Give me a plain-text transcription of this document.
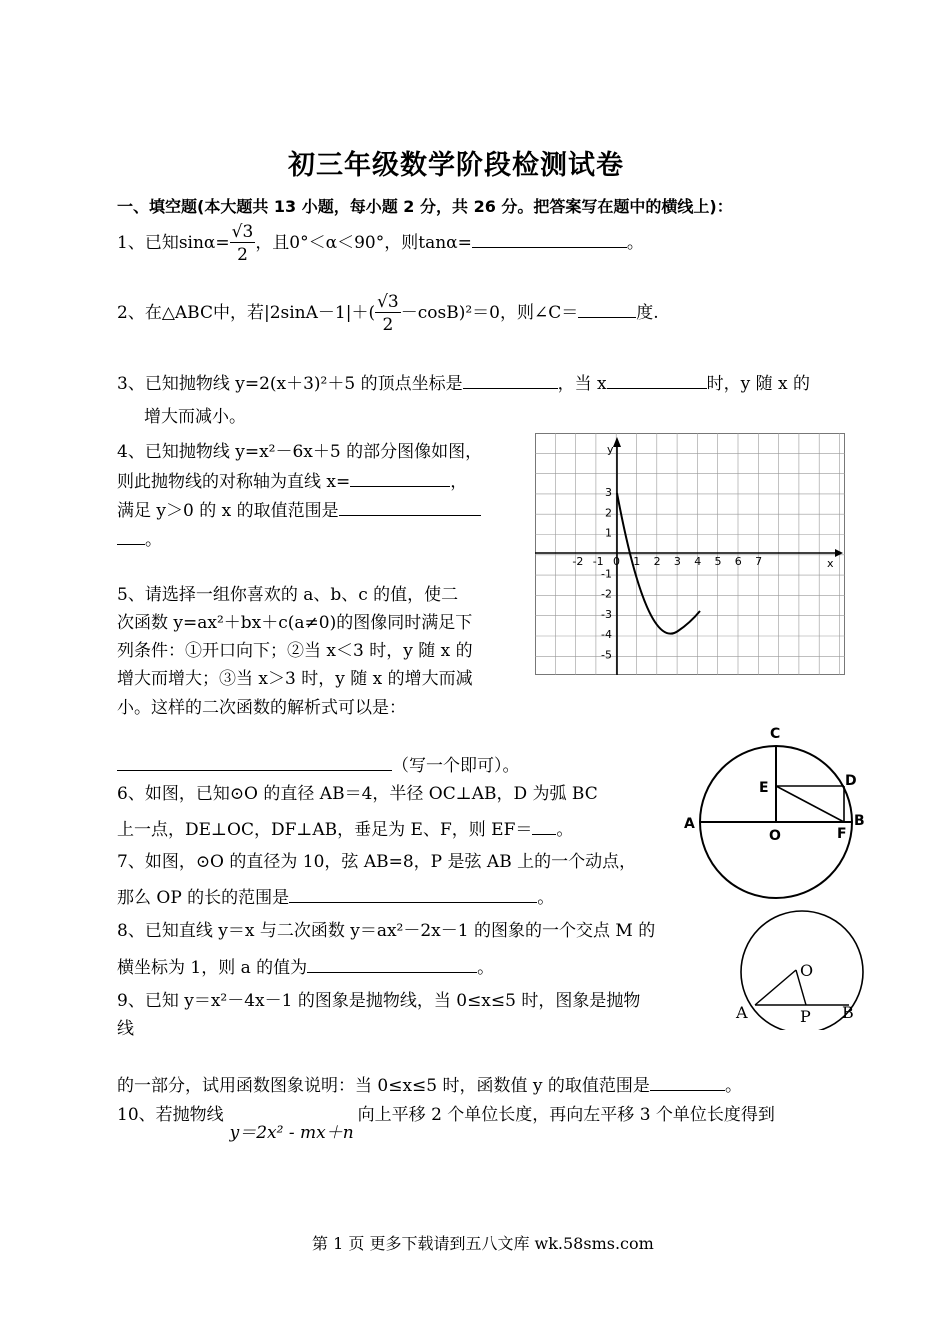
初三年级数学阶段检测试卷
一、填空题(本大题共 13 小题，每小题 2 分，共 26 分。把答案写在题中的横线上)：
1、已知$\sin\alpha= \frac{√3}{2}$ ，且0°＜α＜90°，则tanα=	。
2、在△ABC中，若$|2\sin A-1|+( \frac{√3}{2} -\cos B)^2=0$，则∠C＝	度.
3、已知抛物线 y=2(x＋3)²＋5 的顶点坐标是	，当 x	时，y 随 x 的
增大而减小。
4、已知抛物线 y=x²－6x＋5 的部分图像如图，
则此抛物线的对称轴为直线 x=	，
满足 y＞0 的 x 的取值范围是
。
5、请选择一组你喜欢的 a、b、c 的值，使二
次函数 y=ax²＋bx＋c(a≠0)的图像同时满足下
列条件：①开口向下；②当 x＜3 时，y 随 x 的
增大而增大；③当 x＞3 时，y 随 x 的增大而减
小。这样的二次函数的解析式可以是：
（写一个即可）。
6、如图，已知⊙O 的直径 AB＝4，半径 OC⊥AB，D 为弧 BC
上一点，DE⊥OC，DF⊥AB，垂足为 E、F，则 EF＝ 。
7、如图，⊙O 的直径为 10，弦 AB=8，P 是弦 AB 上的一个动点，
那么 OP 的长的范围是	。
8、已知直线 y＝x 与二次函数 y＝ax²－2x－1 的图象的一个交点 M 的
横坐标为 1，则 a 的值为	。
9、已知 y＝x²－4x－1 的图象是抛物线，当 0≤x≤5 时，图象是抛物
线
的一部分，试用函数图象说明：当 0≤x≤5 时，函数值 y 的取值范围是	。
10、若抛物线y＝2x² - mx＋n向上平移 2 个单位长度，再向左平移 3 个单位长度得到
y
x
-2 -1 0 1 2 3 4 5 6 7
3
2
1
-1
-2
-3
-4
-5
C
D
E
A
O	F
B
A	P B
O
第 1 页 更多下载请到五八文库 wk.58sms.com
